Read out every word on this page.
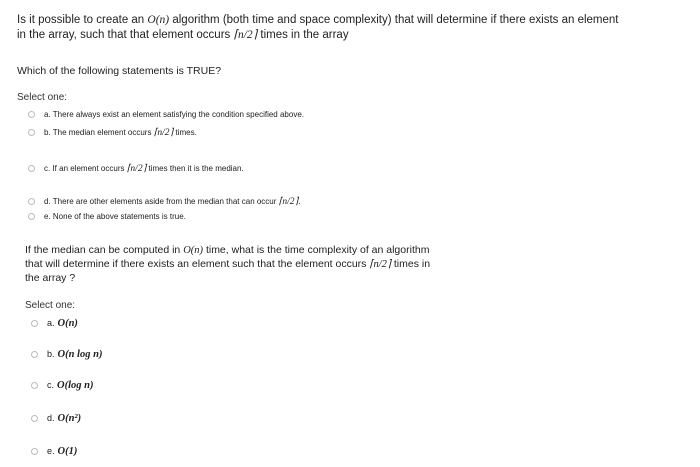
Is it possible to create an O(n) algorithm (both time and space complexity) that will determine if there exists an element
in the array, such that that element occurs ⌈n/2⌉ times in the array
Which of the following statements is TRUE?
Select one:
a. There always exist an element satisfying the condition specified above.
b. The median element occurs ⌈n/2⌉ times.
c. If an element occurs ⌈n/2⌉ times then it is the median.
d. There are other elements aside from the median that can occur ⌈n/2⌉.
e. None of the above statements is true.
If the median can be computed in O(n) time, what is the time complexity of an algorithm
that will determine if there exists an element such that the element occurs ⌈n/2⌉ times in
the array ?
Select one:
a. O(n)
b. O(n log n)
c. O(log n)
d. O(n²)
e. O(1)
